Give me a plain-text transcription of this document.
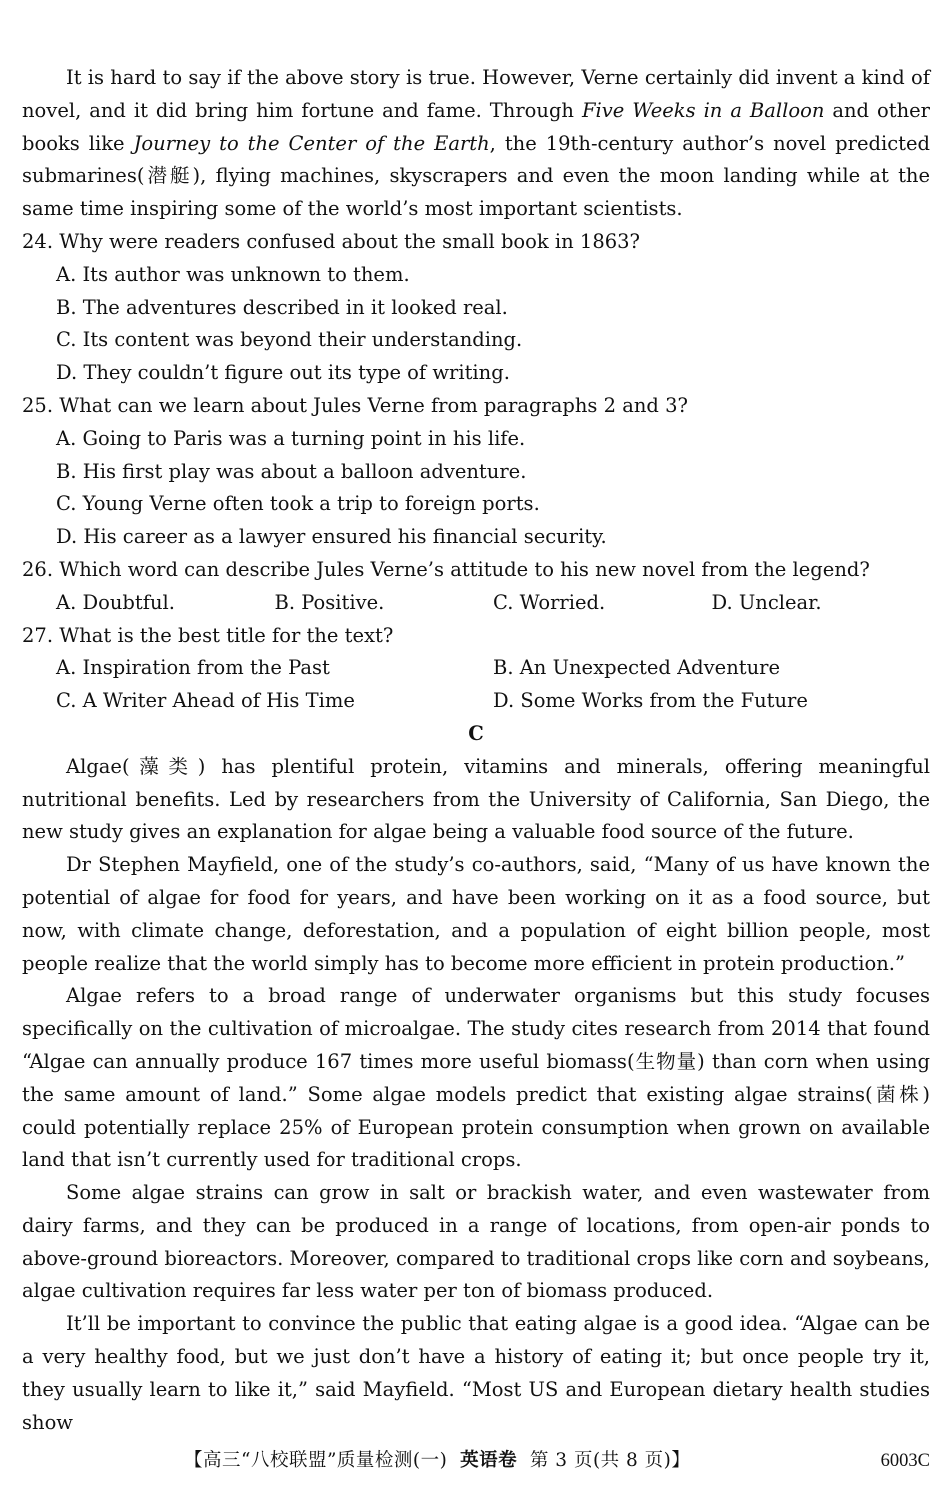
It is hard to say if the above story is true. However, Verne certainly did invent a kind of novel, and it did bring him fortune and fame. Through Five Weeks in a Balloon and other books like Journey to the Center of the Earth, the 19th-century author’s novel predicted submarines(潜艇), flying machines, skyscrapers and even the moon landing while at the same time inspiring some of the world’s most important scientists.

24. Why were readers confused about the small book in 1863?

A. Its author was unknown to them.

B. The adventures described in it looked real.

C. Its content was beyond their understanding.

D. They couldn’t figure out its type of writing.

25. What can we learn about Jules Verne from paragraphs 2 and 3?

A. Going to Paris was a turning point in his life.

B. His first play was about a balloon adventure.

C. Young Verne often took a trip to foreign ports.

D. His career as a lawyer ensured his financial security.

26. Which word can describe Jules Verne’s attitude to his new novel from the legend?

A. Doubtful.	B. Positive.	C. Worried.	D. Unclear.

27. What is the best title for the text?

A. Inspiration from the Past	B. An Unexpected Adventure
C. A Writer Ahead of His Time	D. Some Works from the Future

C

Algae(藻类) has plentiful protein, vitamins and minerals, offering meaningful nutritional benefits. Led by researchers from the University of California, San Diego, the new study gives an explanation for algae being a valuable food source of the future.

Dr Stephen Mayfield, one of the study’s co-authors, said, “Many of us have known the potential of algae for food for years, and have been working on it as a food source, but now, with climate change, deforestation, and a population of eight billion people, most people realize that the world simply has to become more efficient in protein production.”

Algae refers to a broad range of underwater organisms but this study focuses specifically on the cultivation of microalgae. The study cites research from 2014 that found “Algae can annually produce 167 times more useful biomass(生物量) than corn when using the same amount of land.” Some algae models predict that existing algae strains(菌株) could potentially replace 25% of European protein consumption when grown on available land that isn’t currently used for traditional crops.

Some algae strains can grow in salt or brackish water, and even wastewater from dairy farms, and they can be produced in a range of locations, from open-air ponds to above-ground bioreactors. Moreover, compared to traditional crops like corn and soybeans, algae cultivation requires far less water per ton of biomass produced.

It’ll be important to convince the public that eating algae is a good idea. “Algae can be a very healthy food, but we just don’t have a history of eating it; but once people try it, they usually learn to like it,” said Mayfield. “Most US and European dietary health studies show

【高三“八校联盟”质量检测(一) 英语卷 第 3 页(共 8 页)】	6003C
